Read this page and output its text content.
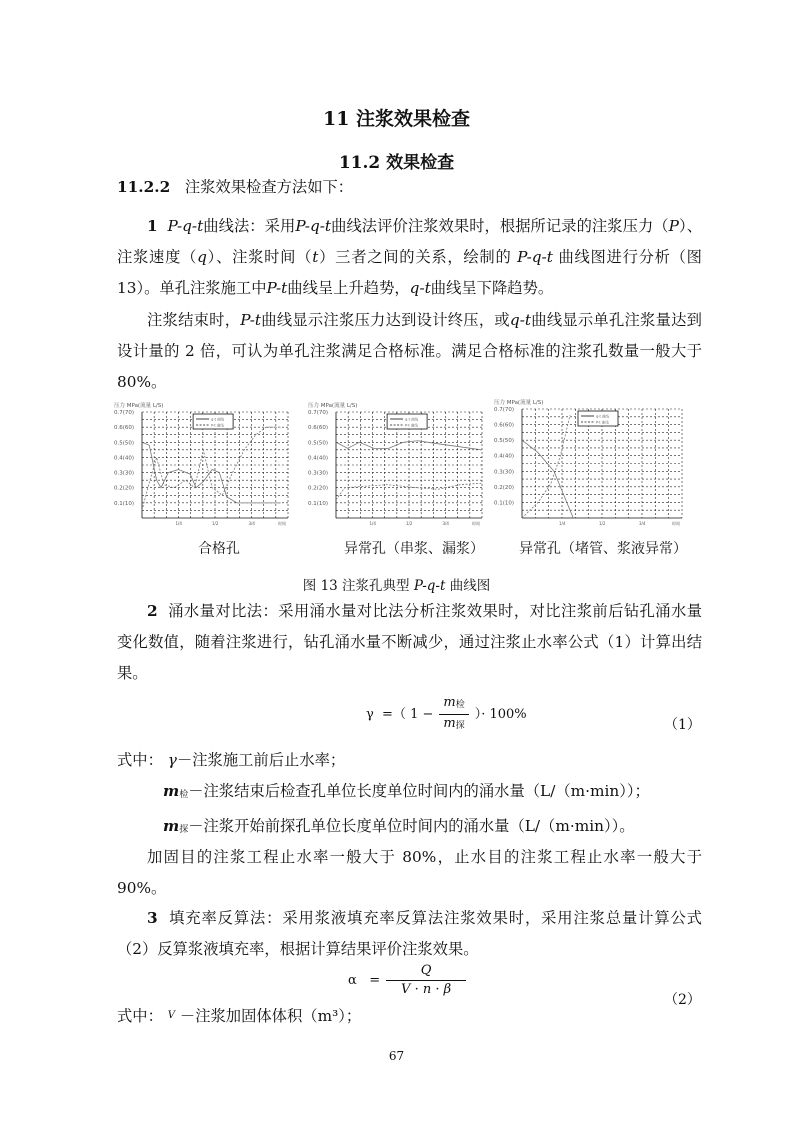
11 注浆效果检查
11.2 效果检查
11.2.2 注浆效果检查方法如下：
1 P-q-t曲线法：采用P-q-t曲线法评价注浆效果时，根据所记录的注浆压力（P）、注浆速度（q）、注浆时间（t）三者之间的关系，绘制的 P-q-t 曲线图进行分析（图13）。单孔注浆施工中P-t曲线呈上升趋势，q-t曲线呈下降趋势。
注浆结束时，P-t曲线显示注浆压力达到设计终压，或q-t曲线显示单孔注浆量达到设计量的 2 倍，可认为单孔注浆满足合格标准。满足合格标准的注浆孔数量一般大于 80%。
压力 MPa(流量 L/S)
0.1(10)
0.2(20)
0.3(30)
0.4(40)
0.5(50)
0.6(60)
0.7(70)
1/4	1/2	3/4	时间
q-t 曲线
P-t 曲线
压力 MPa(流量 L/S)
0.1(10)
0.2(20)
0.3(30)
0.4(40)
0.5(50)
0.6(60)
0.7(70)
1/4	1/2	3/4	时间
q-t 曲线
P-t 曲线
压力 MPa(流量 L/S)
0.1(10)
0.2(20)
0.3(30)
0.4(40)
0.5(50)
0.6(60)
0.7(70)
1/4	1/2	3/4	时间
q-t 曲线
P-t 曲线
合格孔	异常孔（串浆、漏浆）	异常孔（堵管、浆液异常）
图 13 注浆孔典型 P-q-t 曲线图
2 涌水量对比法：采用涌水量对比法分析注浆效果时，对比注浆前后钻孔涌水量变化数值，随着注浆进行，钻孔涌水量不断减少，通过注浆止水率公式（1）计算出结果。
γ =（ $1 - \frac{m_检}{m_探}$ ）· 100%
（1）
式中： γ－注浆施工前后止水率；
$m_检-$注浆结束后检查孔单位长度单位时间内的涌水量（L/（m·min））；
$m_探-$注浆开始前探孔单位长度单位时间内的涌水量（L/（m·min））。
加固目的注浆工程止水率一般大于 80%，止水目的注浆工程止水率一般大于 90%。
3 填充率反算法：采用浆液填充率反算法注浆效果时，采用注浆总量计算公式（2）反算浆液填充率，根据计算结果评价注浆效果。
$\alpha = \frac{Q}{V \cdot n \cdot \beta}$
（2）
式中： V －注浆加固体体积（m³）；
67
